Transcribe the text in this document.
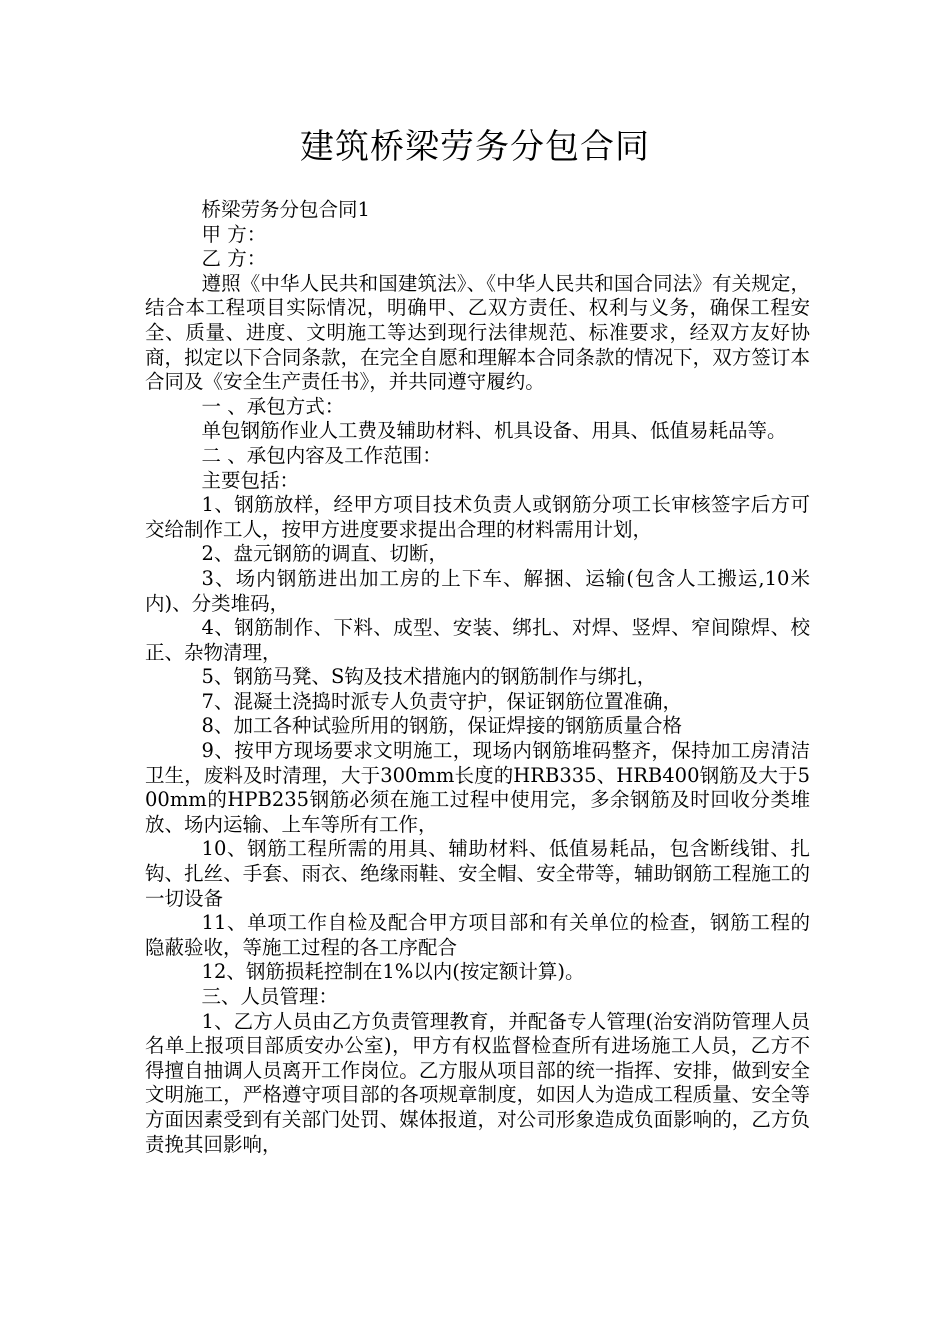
建筑桥梁劳务分包合同

桥梁劳务分包合同1

甲 方：

乙 方：

遵照《中华人民共和国建筑法》、《中华人民共和国合同法》有关规定，结合本工程项目实际情况，明确甲、乙双方责任、权利与义务，确保工程安全、质量、进度、文明施工等达到现行法律规范、标准要求，经双方友好协商，拟定以下合同条款，在完全自愿和理解本合同条款的情况下，双方签订本合同及《安全生产责任书》，并共同遵守履约。

一 、承包方式：

单包钢筋作业人工费及辅助材料、机具设备、用具、低值易耗品等。

二 、承包内容及工作范围：

主要包括：

1、钢筋放样，经甲方项目技术负责人或钢筋分项工长审核签字后方可交给制作工人，按甲方进度要求提出合理的材料需用计划，

2、盘元钢筋的调直、切断，

3、场内钢筋进出加工房的上下车、解捆、运输(包含人工搬运,10米内)、分类堆码，

4、钢筋制作、下料、成型、安装、绑扎、对焊、竖焊、窄间隙焊、校正、杂物清理，

5、钢筋马凳、S钩及技术措施内的钢筋制作与绑扎，

7、混凝土浇捣时派专人负责守护，保证钢筋位置准确，

8、加工各种试验所用的钢筋，保证焊接的钢筋质量合格

9、按甲方现场要求文明施工，现场内钢筋堆码整齐，保持加工房清洁卫生，废料及时清理，大于300mm长度的HRB335、HRB400钢筋及大于500mm的HPB235钢筋必须在施工过程中使用完，多余钢筋及时回收分类堆放、场内运输、上车等所有工作，

10、钢筋工程所需的用具、辅助材料、低值易耗品，包含断线钳、扎钩、扎丝、手套、雨衣、绝缘雨鞋、安全帽、安全带等，辅助钢筋工程施工的一切设备

11、单项工作自检及配合甲方项目部和有关单位的检查，钢筋工程的隐蔽验收，等施工过程的各工序配合

12、钢筋损耗控制在1%以内(按定额计算)。

三、人员管理：

1、乙方人员由乙方负责管理教育，并配备专人管理(治安消防管理人员名单上报项目部质安办公室)，甲方有权监督检查所有进场施工人员，乙方不得擅自抽调人员离开工作岗位。乙方服从项目部的统一指挥、安排，做到安全文明施工，严格遵守项目部的各项规章制度，如因人为造成工程质量、安全等方面因素受到有关部门处罚、媒体报道，对公司形象造成负面影响的，乙方负责挽其回影响，
